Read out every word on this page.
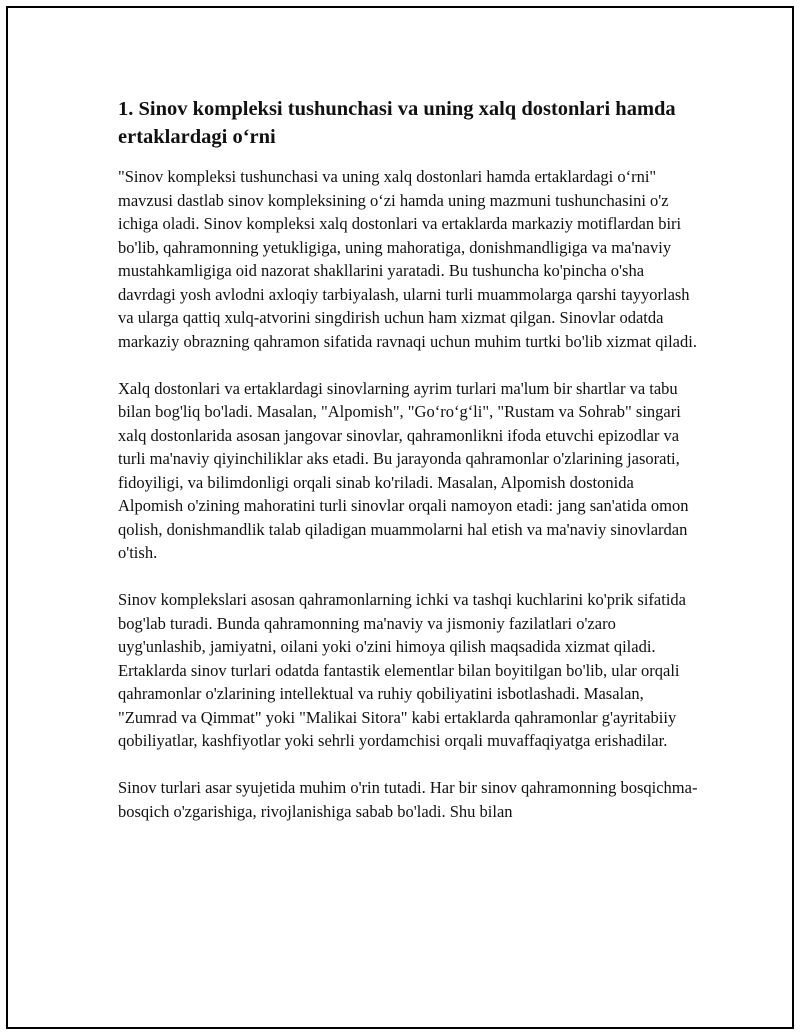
1. Sinov kompleksi tushunchasi va uning xalq dostonlari hamda ertaklardagi o‘rni

"Sinov kompleksi tushunchasi va uning xalq dostonlari hamda ertaklardagi o‘rni" mavzusi dastlab sinov kompleksining o‘zi hamda uning mazmuni tushunchasini o'z ichiga oladi. Sinov kompleksi xalq dostonlari va ertaklarda markaziy motiflardan biri bo'lib, qahramonning yetukligiga, uning mahoratiga, donishmandligiga va ma'naviy mustahkamligiga oid nazorat shakllarini yaratadi. Bu tushuncha ko'pincha o'sha davrdagi yosh avlodni axloqiy tarbiyalash, ularni turli muammolarga qarshi tayyorlash va ularga qattiq xulq-atvorini singdirish uchun ham xizmat qilgan. Sinovlar odatda markaziy obrazning qahramon sifatida ravnaqi uchun muhim turtki bo'lib xizmat qiladi.

Xalq dostonlari va ertaklardagi sinovlarning ayrim turlari ma'lum bir shartlar va tabu bilan bog'liq bo'ladi. Masalan, "Alpomish", "Go‘ro‘g‘li", "Rustam va Sohrab" singari xalq dostonlarida asosan jangovar sinovlar, qahramonlikni ifoda etuvchi epizodlar va turli ma'naviy qiyinchiliklar aks etadi. Bu jarayonda qahramonlar o'zlarining jasorati, fidoyiligi, va bilimdonligi orqali sinab ko'riladi. Masalan, Alpomish dostonida Alpomish o'zining mahoratini turli sinovlar orqali namoyon etadi: jang san'atida omon qolish, donishmandlik talab qiladigan muammolarni hal etish va ma'naviy sinovlardan o'tish.

Sinov komplekslari asosan qahramonlarning ichki va tashqi kuchlarini ko'prik sifatida bog'lab turadi. Bunda qahramonning ma'naviy va jismoniy fazilatlari o'zaro uyg'unlashib, jamiyatni, oilani yoki o'zini himoya qilish maqsadida xizmat qiladi. Ertaklarda sinov turlari odatda fantastik elementlar bilan boyitilgan bo'lib, ular orqali qahramonlar o'zlarining intellektual va ruhiy qobiliyatini isbotlashadi. Masalan, "Zumrad va Qimmat" yoki "Malikai Sitora" kabi ertaklarda qahramonlar g'ayritabiiy qobiliyatlar, kashfiyotlar yoki sehrli yordamchisi orqali muvaffaqiyatga erishadilar.

Sinov turlari asar syujetida muhim o'rin tutadi. Har bir sinov qahramonning bosqichma-bosqich o'zgarishiga, rivojlanishiga sabab bo'ladi. Shu bilan
